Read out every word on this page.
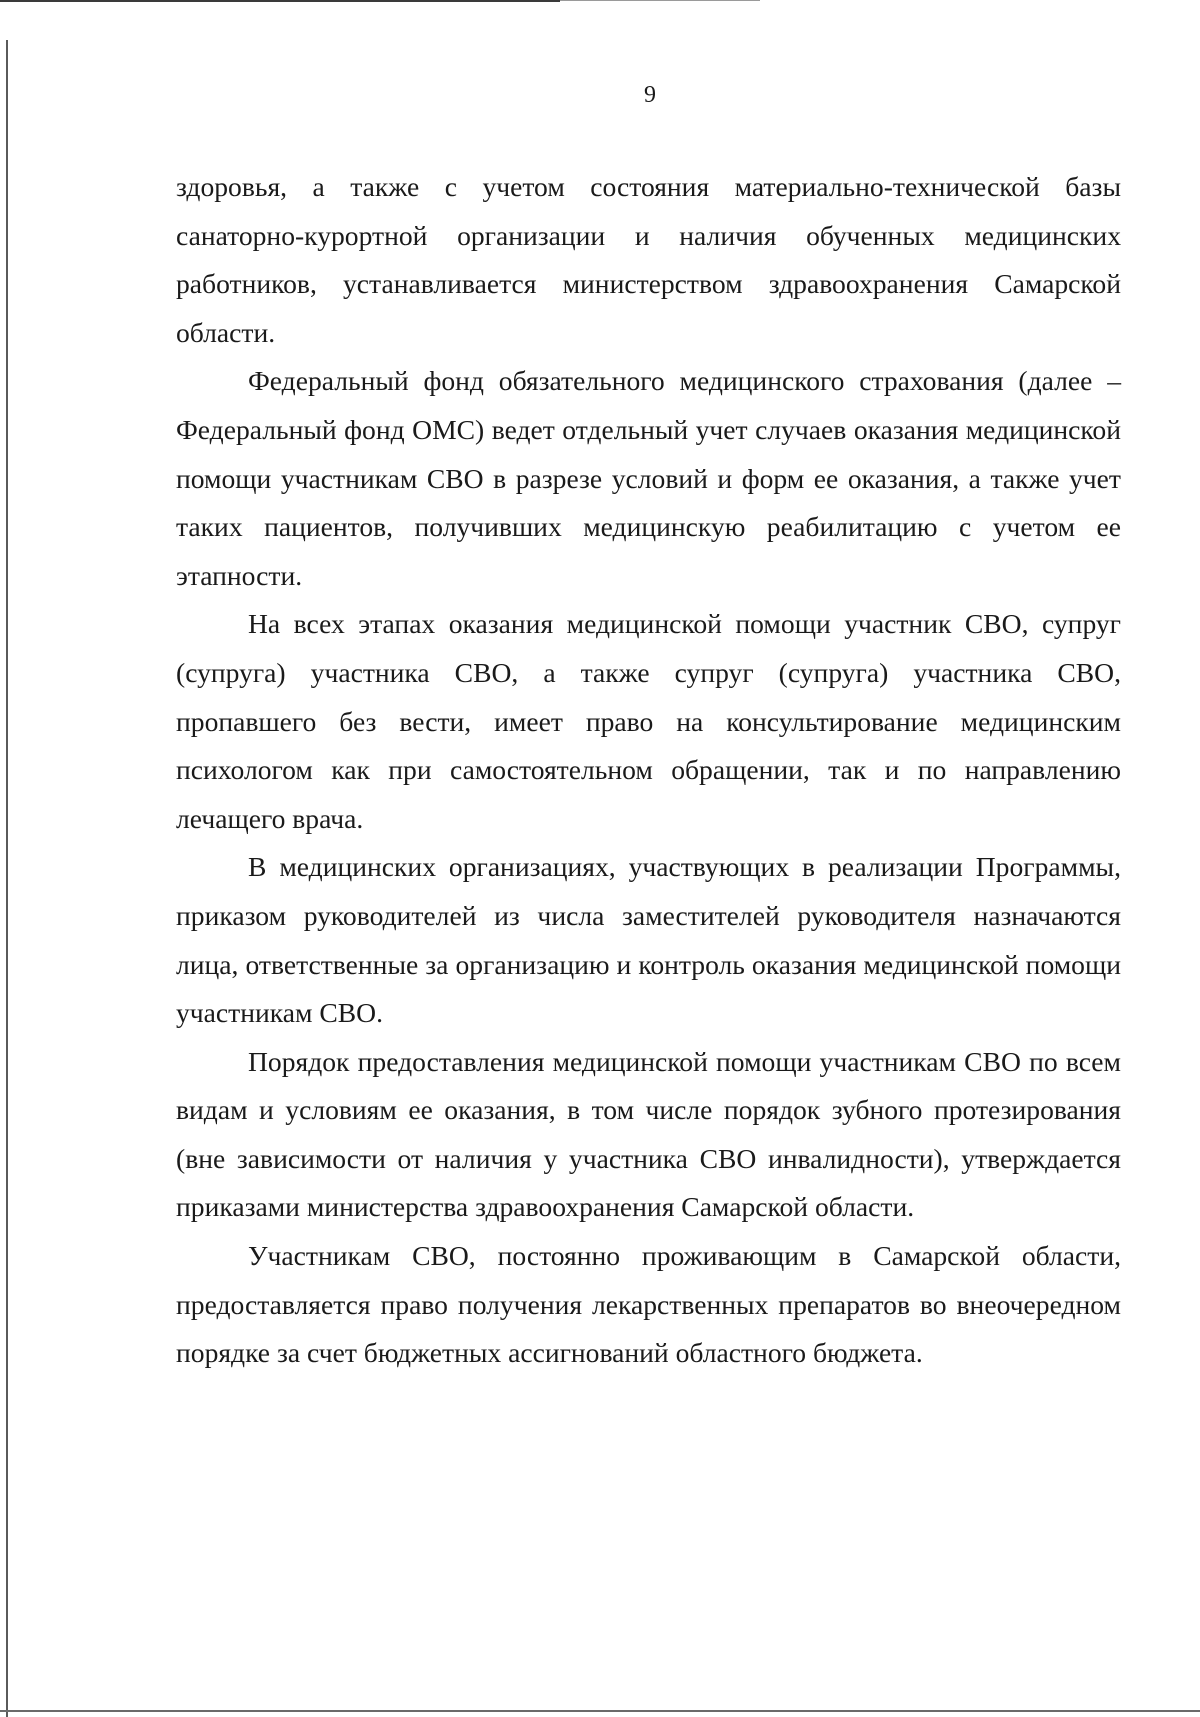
9

здоровья, а также с учетом состояния материально-технической базы санаторно-курортной организации и наличия обученных медицинских работников, устанавливается министерством здравоохранения Самарской области.

Федеральный фонд обязательного медицинского страхования (далее – Федеральный фонд ОМС) ведет отдельный учет случаев оказания медицинской помощи участникам СВО в разрезе условий и форм ее оказания, а также учет таких пациентов, получивших медицинскую реабилитацию с учетом ее этапности.

На всех этапах оказания медицинской помощи участник СВО, супруг (супруга) участника СВО, а также супруг (супруга) участника СВО, пропавшего без вести, имеет право на консультирование медицинским психологом как при самостоятельном обращении, так и по направлению лечащего врача.

В медицинских организациях, участвующих в реализации Программы, приказом руководителей из числа заместителей руководителя назначаются лица, ответственные за организацию и контроль оказания медицинской помощи участникам СВО.

Порядок предоставления медицинской помощи участникам СВО по всем видам и условиям ее оказания, в том числе порядок зубного протезирования (вне зависимости от наличия у участника СВО инвалидности), утверждается приказами министерства здравоохранения Самарской области.

Участникам СВО, постоянно проживающим в Самарской области, предоставляется право получения лекарственных препаратов во внеочередном порядке за счет бюджетных ассигнований областного бюджета.
